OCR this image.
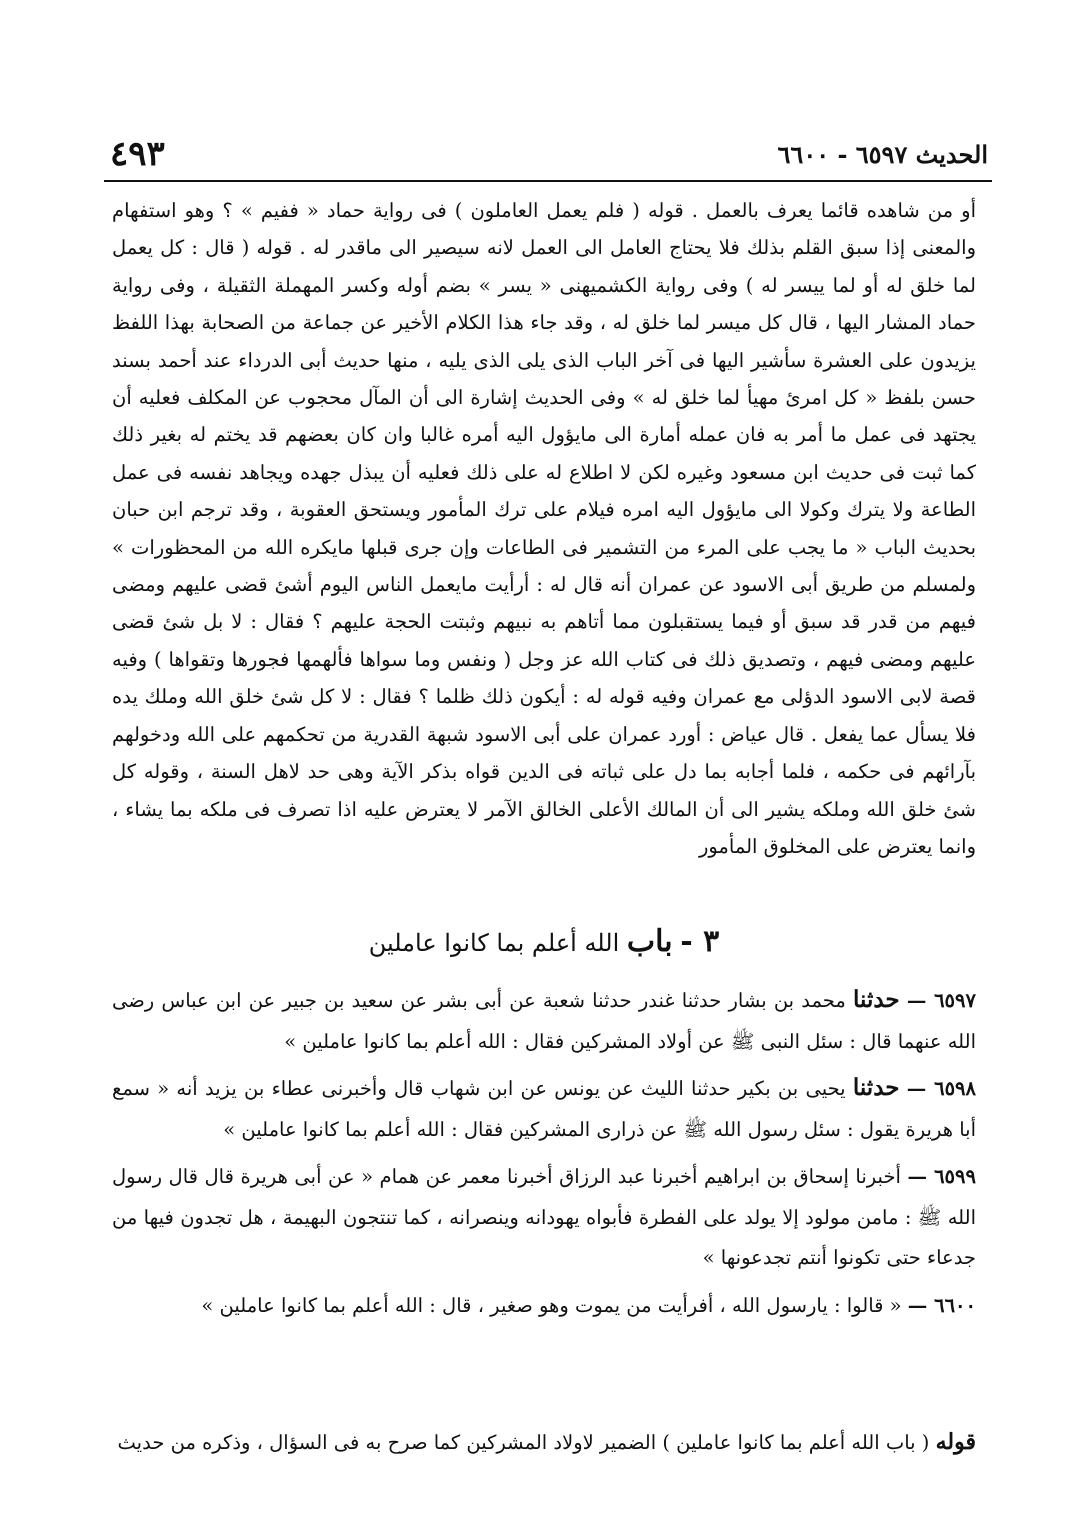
الحديث ٦٥٩٧ - ٦٦٠٠
٤٩٣

أو من شاهده قائما يعرف بالعمل . قوله ( فلم يعمل العاملون ) فى رواية حماد « ففيم » ؟ وهو استفهام والمعنى إذا سبق القلم بذلك فلا يحتاج العامل الى العمل لانه سيصير الى ماقدر له . قوله ( قال : كل يعمل لما خلق له أو لما ييسر له ) وفى رواية الكشميهنى « يسر » بضم أوله وكسر المهملة الثقيلة ، وفى رواية حماد المشار اليها ، قال كل ميسر لما خلق له ، وقد جاء هذا الكلام الأخير عن جماعة من الصحابة بهذا اللفظ يزيدون على العشرة سأشير اليها فى آخر الباب الذى يلى الذى يليه ، منها حديث أبى الدرداء عند أحمد بسند حسن بلفظ « كل امرئ مهيأ لما خلق له » وفى الحديث إشارة الى أن المآل محجوب عن المكلف فعليه أن يجتهد فى عمل ما أمر به فان عمله أمارة الى مايؤول اليه أمره غالبا وان كان بعضهم قد يختم له بغير ذلك كما ثبت فى حديث ابن مسعود وغيره لكن لا اطلاع له على ذلك فعليه أن يبذل جهده ويجاهد نفسه فى عمل الطاعة ولا يترك وكولا الى مايؤول اليه امره فيلام على ترك المأمور ويستحق العقوبة ، وقد ترجم ابن حبان بحديث الباب « ما يجب على المرء من التشمير فى الطاعات وإن جرى قبلها مايكره الله من المحظورات » ولمسلم من طريق أبى الاسود عن عمران أنه قال له : أرأيت مايعمل الناس اليوم أشئ قضى عليهم ومضى فيهم من قدر قد سبق أو فيما يستقبلون مما أتاهم به نبيهم وثبتت الحجة عليهم ؟ فقال : لا بل شئ قضى عليهم ومضى فيهم ، وتصديق ذلك فى كتاب الله عز وجل ( ونفس وما سواها فألهمها فجورها وتقواها ) وفيه قصة لابى الاسود الدؤلى مع عمران وفيه قوله له : أيكون ذلك ظلما ؟ فقال : لا كل شئ خلق الله وملك يده فلا يسأل عما يفعل . قال عياض : أورد عمران على أبى الاسود شبهة القدرية من تحكمهم على الله ودخولهم بآرائهم فى حكمه ، فلما أجابه بما دل على ثباته فى الدين قواه بذكر الآية وهى حد لاهل السنة ، وقوله كل شئ خلق الله وملكه يشير الى أن المالك الأعلى الخالق الآمر لا يعترض عليه اذا تصرف فى ملكه بما يشاء ، وانما يعترض على المخلوق المأمور

٣ - باب الله أعلم بما كانوا عاملين

٦٥٩٧ — حدثنا محمد بن بشار حدثنا غندر حدثنا شعبة عن أبى بشر عن سعيد بن جبير عن ابن عباس رضى الله عنهما قال : سئل النبى ﷺ عن أولاد المشركين فقال : الله أعلم بما كانوا عاملين »

٦٥٩٨ — حدثنا يحيى بن بكير حدثنا الليث عن يونس عن ابن شهاب قال وأخبرنى عطاء بن يزيد أنه « سمع أبا هريرة يقول : سئل رسول الله ﷺ عن ذرارى المشركين فقال : الله أعلم بما كانوا عاملين »

٦٥٩٩ — أخبرنا إسحاق بن ابراهيم أخبرنا عبد الرزاق أخبرنا معمر عن همام « عن أبى هريرة قال قال رسول الله ﷺ : مامن مولود إلا يولد على الفطرة فأبواه يهودانه وينصرانه ، كما تنتجون البهيمة ، هل تجدون فيها من جدعاء حتى تكونوا أنتم تجدعونها »

٦٦٠٠ — « قالوا : يارسول الله ، أفرأيت من يموت وهو صغير ، قال : الله أعلم بما كانوا عاملين »

قوله ( باب الله أعلم بما كانوا عاملين ) الضمير لاولاد المشركين كما صرح به فى السؤال ، وذكره من حديث
